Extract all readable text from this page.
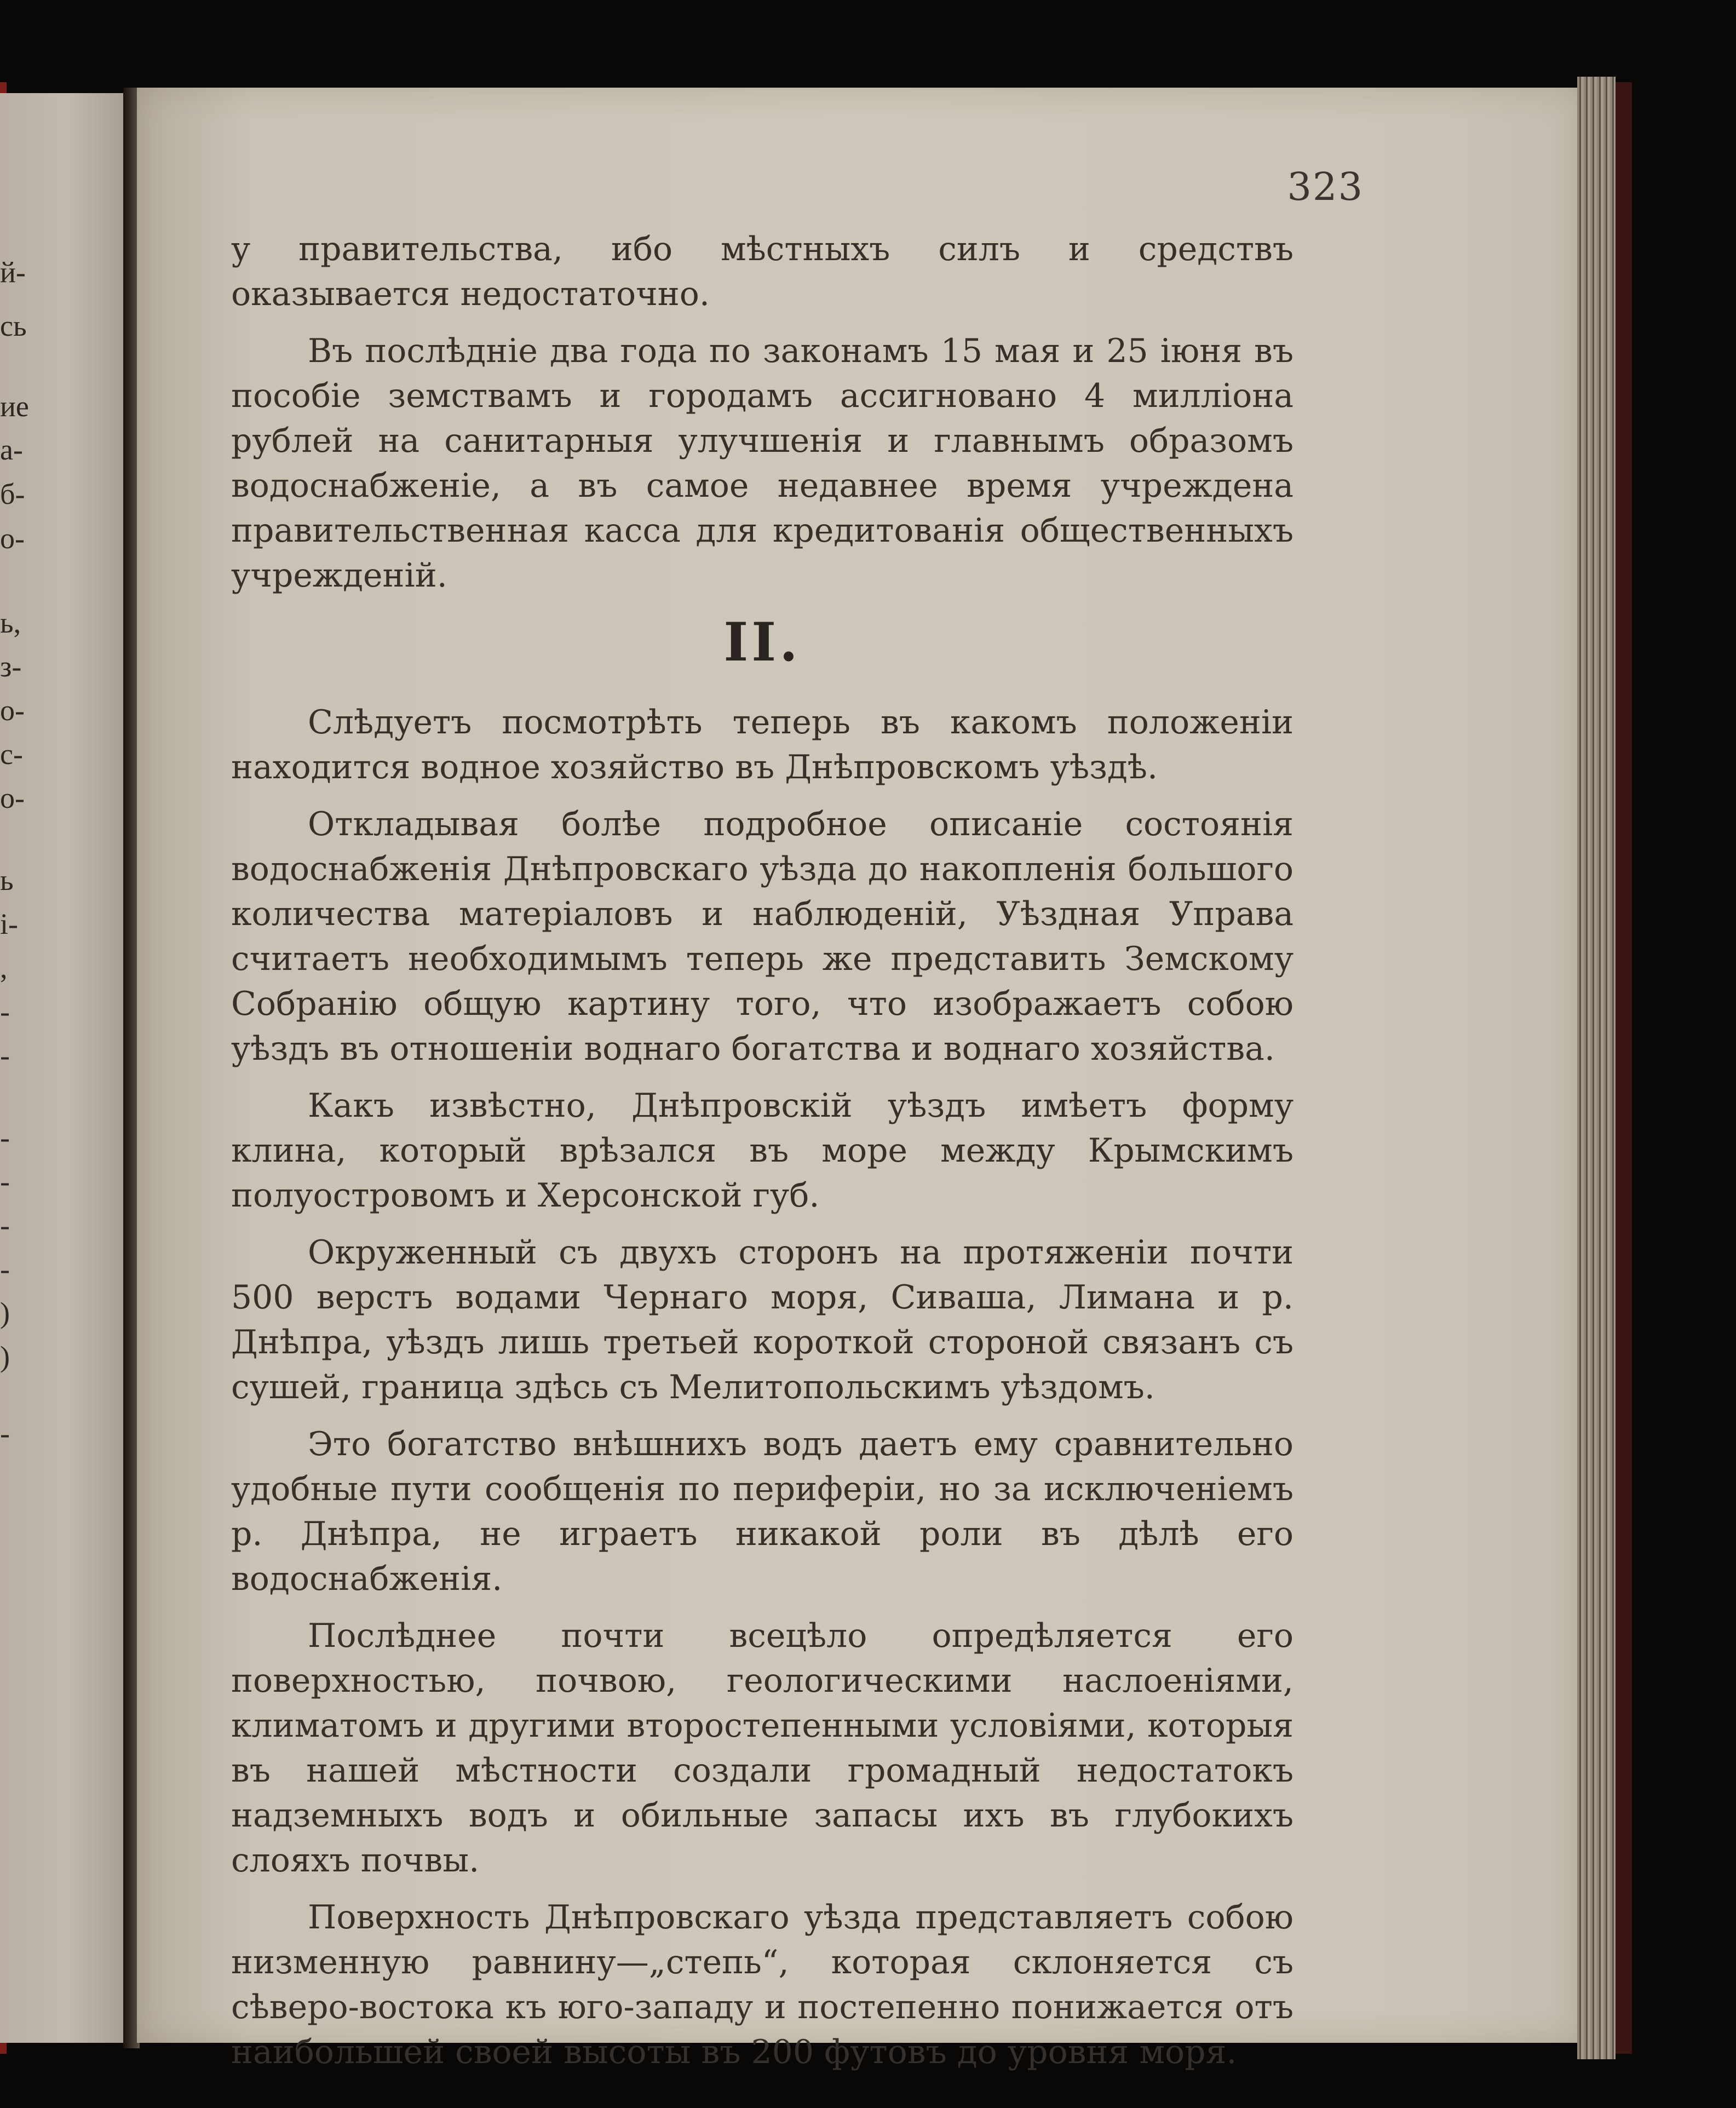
й-
сь
ие
а-
б-
о-
ь,
з-
о-
с-
о-
ь
і-
,
-
-
-
-
-
-
)
)
-
323

у правительства, ибо мѣстныхъ силъ и средствъ оказывается недостаточно.

Въ послѣдніе два года по законамъ 15 мая и 25 іюня въ пособіе земствамъ и городамъ ассигновано 4 милліона рублей на санитарныя улучшенія и главнымъ образомъ водоснабженіе, а въ самое недавнее время учреждена правительственная касса для кредитованія общественныхъ учрежденій.

II.

Слѣдуетъ посмотрѣть теперь въ какомъ положеніи находится водное хозяйство въ Днѣпровскомъ уѣздѣ.

Откладывая болѣе подробное описаніе состоянія водоснабженія Днѣпровскаго уѣзда до накопленія большого количества матеріаловъ и наблюденій, Уѣздная Управа считаетъ необходимымъ теперь же представить Земскому Собранію общую картину того, что изображаетъ собою уѣздъ въ отношеніи воднаго богатства и воднаго хозяйства.

Какъ извѣстно, Днѣпровскій уѣздъ имѣетъ форму клина, который врѣзался въ море между Крымскимъ полуостровомъ и Херсонской губ.

Окруженный съ двухъ сторонъ на протяженіи почти 500 верстъ водами Чернаго моря, Сиваша, Лимана и р. Днѣпра, уѣздъ лишь третьей короткой стороной связанъ съ сушей, граница здѣсь съ Мелитопольскимъ уѣздомъ.

Это богатство внѣшнихъ водъ даетъ ему сравнительно удобные пути сообщенія по периферіи, но за исключеніемъ р. Днѣпра, не играетъ никакой роли въ дѣлѣ его водоснабженія.

Послѣднее почти всецѣло опредѣляется его поверхностью, почвою, геологическими наслоеніями, климатомъ и другими второстепенными условіями, которыя въ нашей мѣстности создали громадный недостатокъ надземныхъ водъ и обильные запасы ихъ въ глубокихъ слояхъ почвы.

Поверхность Днѣпровскаго уѣзда представляетъ собою низменную равнину—„степь“, которая склоняется съ сѣверо-востока къ юго-западу и постепенно понижается отъ наибольшей своей высоты въ 200 футовъ до уровня моря.
